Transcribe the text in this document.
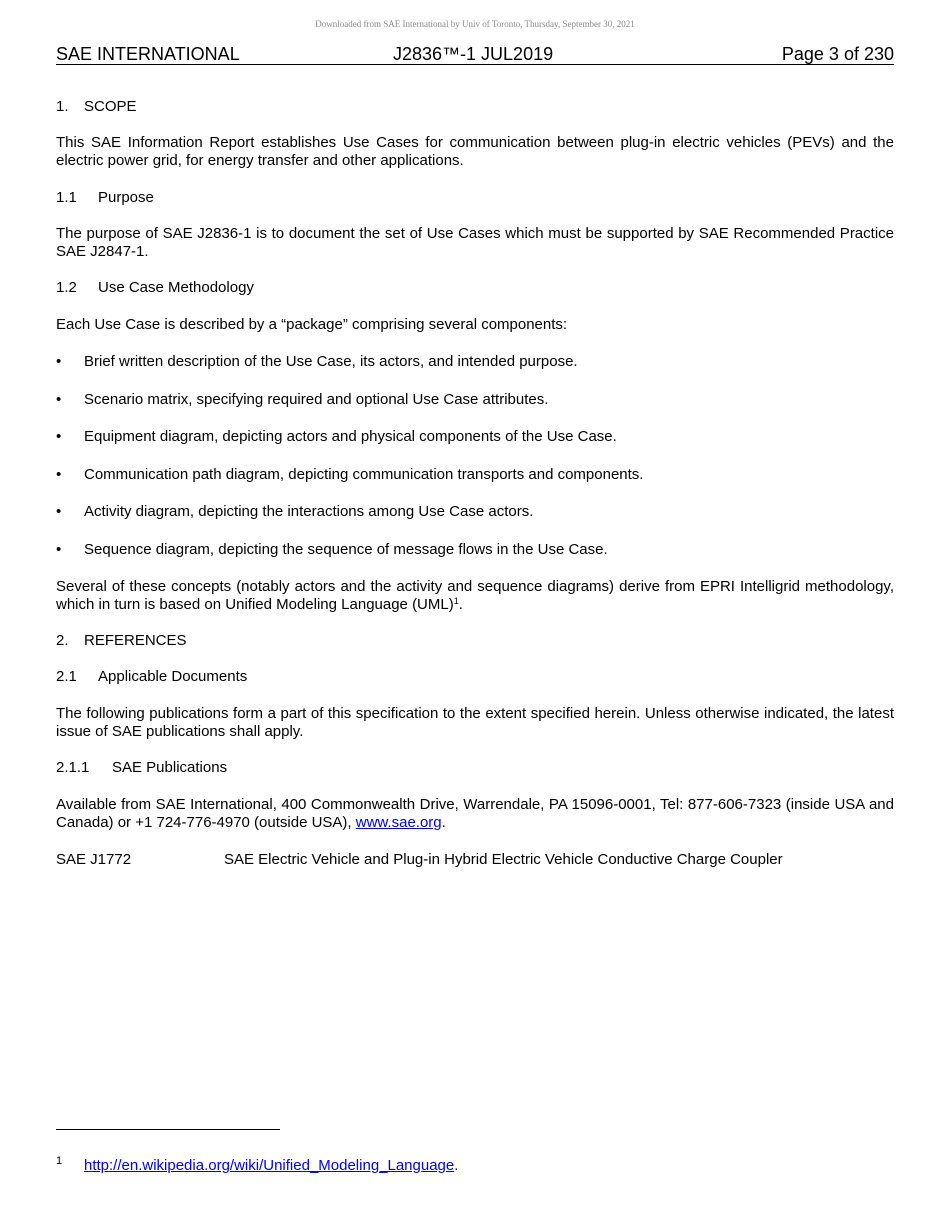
Downloaded from SAE International by Univ of Toronto, Thursday, September 30, 2021
SAE INTERNATIONAL	J2836™-1 JUL2019	Page 3 of 230
1. SCOPE
This SAE Information Report establishes Use Cases for communication between plug-in electric vehicles (PEVs) and the electric power grid, for energy transfer and other applications.
1.1 Purpose
The purpose of SAE J2836-1 is to document the set of Use Cases which must be supported by SAE Recommended Practice SAE J2847-1.
1.2 Use Case Methodology
Each Use Case is described by a “package” comprising several components:
• Brief written description of the Use Case, its actors, and intended purpose.
• Scenario matrix, specifying required and optional Use Case attributes.
• Equipment diagram, depicting actors and physical components of the Use Case.
• Communication path diagram, depicting communication transports and components.
• Activity diagram, depicting the interactions among Use Case actors.
• Sequence diagram, depicting the sequence of message flows in the Use Case.
Several of these concepts (notably actors and the activity and sequence diagrams) derive from EPRI Intelligrid methodology, which in turn is based on Unified Modeling Language (UML)$^1$.
2. REFERENCES
2.1 Applicable Documents
The following publications form a part of this specification to the extent specified herein. Unless otherwise indicated, the latest issue of SAE publications shall apply.
2.1.1 SAE Publications
Available from SAE International, 400 Commonwealth Drive, Warrendale, PA 15096-0001, Tel: 877-606-7323 (inside USA and Canada) or +1 724-776-4970 (outside USA), www.sae.org.
SAE J1772	SAE Electric Vehicle and Plug-in Hybrid Electric Vehicle Conductive Charge Coupler
1 http://en.wikipedia.org/wiki/Unified_Modeling_Language.
